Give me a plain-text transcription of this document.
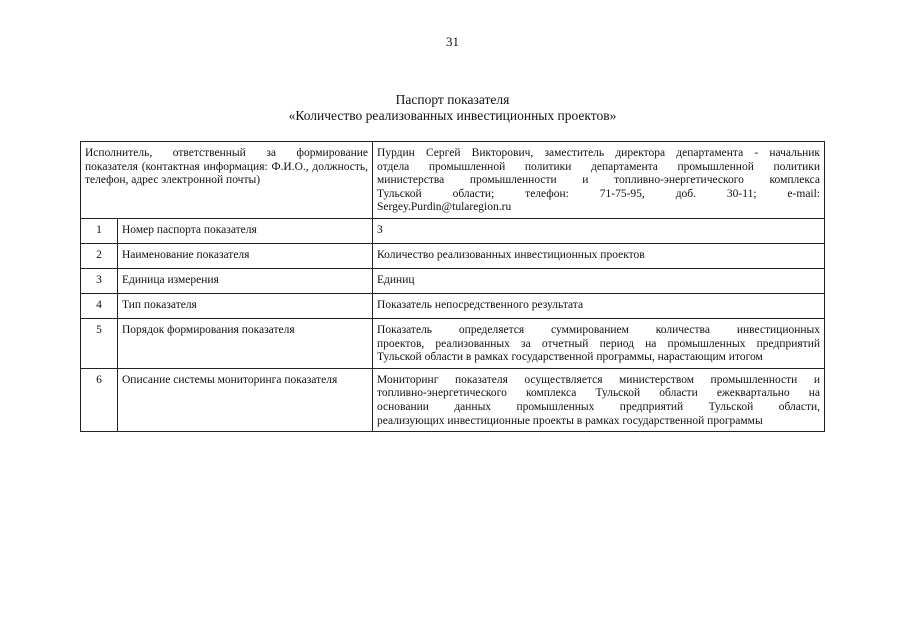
31
Паспорт показателя
«Количество реализованных инвестиционных проектов»
Исполнитель, ответственный за формирование показателя (контактная информация: Ф.И.О., должность, телефон, адрес электронной почты)		Пурдин Сергей Викторович, заместитель директора департамента - начальник
отдела промышленной политики департамента промышленной политики
министерства промышленности и топливно-энергетического комплекса
Тульской области; телефон: 71-75-95, доб. 30-11; e-mail:
Sergey.Purdin@tularegion.ru

1	Номер паспорта показателя	3
2	Наименование показателя	Количество реализованных инвестиционных проектов
3	Единица измерения	Единиц
4	Тип показателя	Показатель непосредственного результата
5	Порядок формирования показателя	Показатель определяется суммированием количества инвестиционных
проектов, реализованных за отчетный период на промышленных предприятий
Тульской области в рамках государственной программы, нарастающим итогом

6	Описание системы мониторинга показателя	Мониторинг показателя осуществляется министерством промышленности и
топливно-энергетического комплекса Тульской области ежеквартально на
основании данных промышленных предприятий Тульской области,
реализующих инвестиционные проекты в рамках государственной программы
